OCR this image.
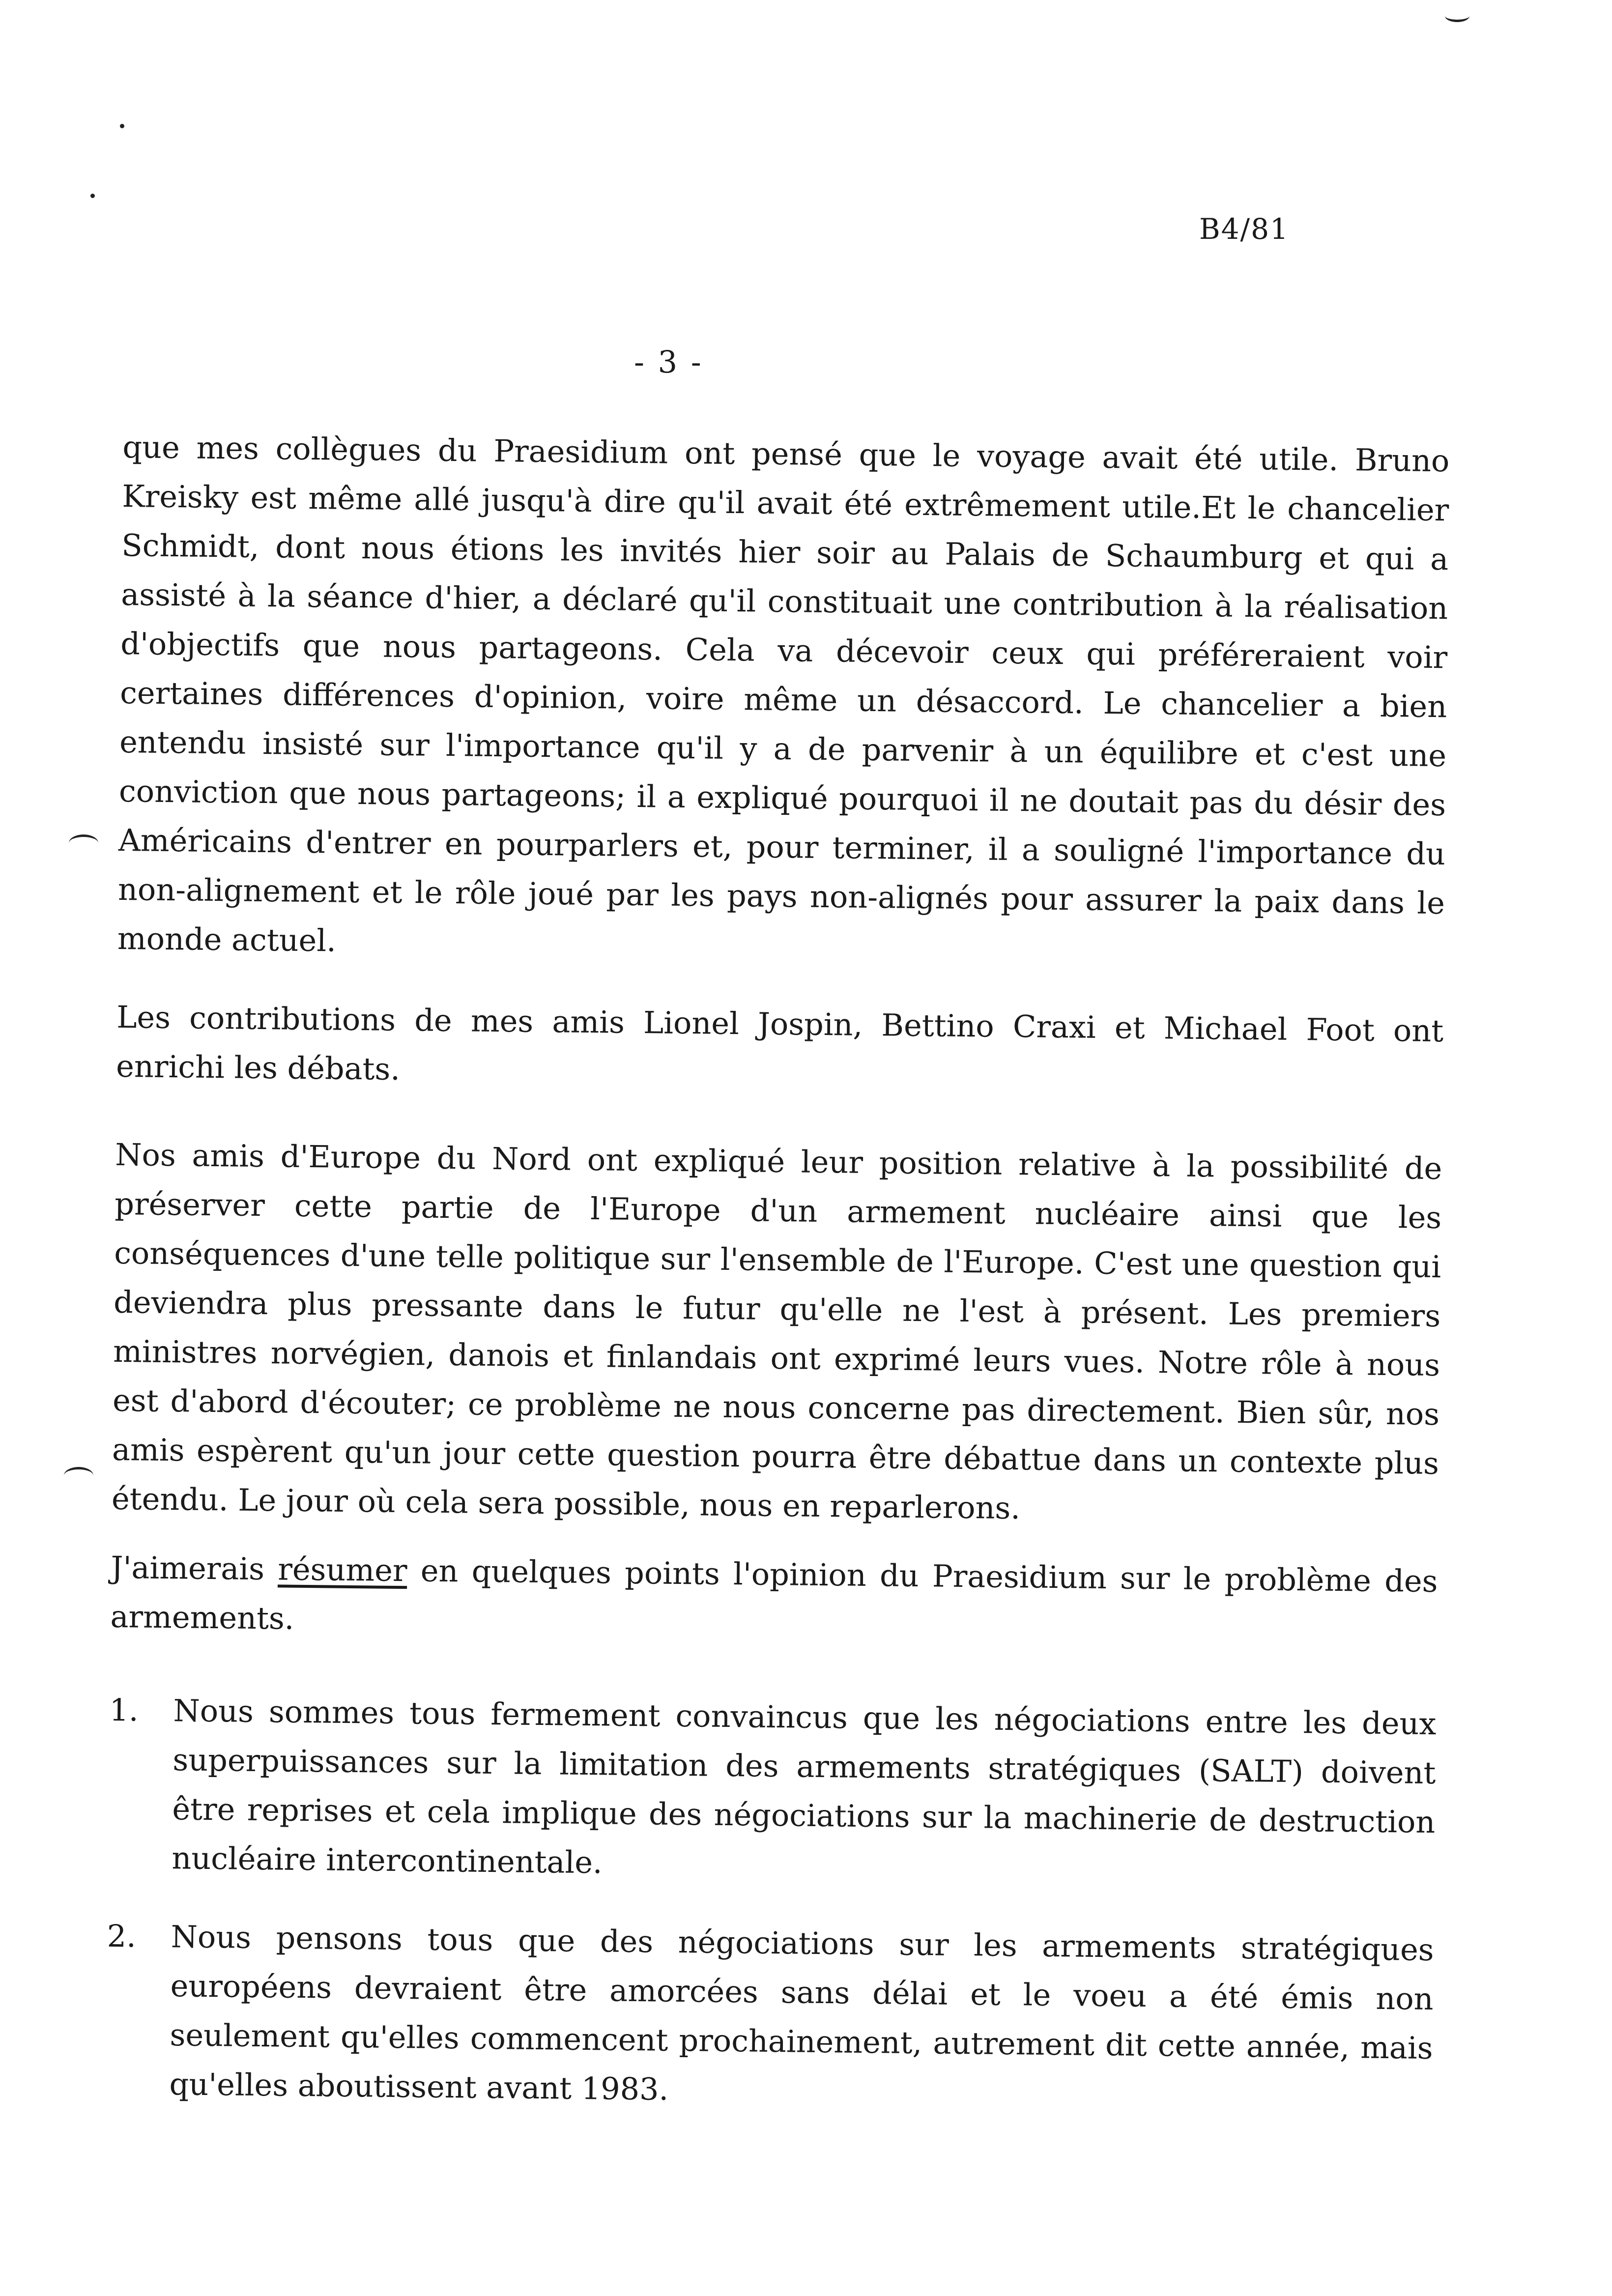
B4/81
- 3 -

que mes collègues du Praesidium ont pensé que le voyage avait été utile. Bruno Kreisky est même allé jusqu'à dire qu'il avait été extrêmement utile.Et le chancelier Schmidt, dont nous étions les invités hier soir au Palais de Schaumburg et qui a assisté à la séance d'hier, a déclaré qu'il constituait une contribution à la réalisation d'objectifs que nous partageons. Cela va décevoir ceux qui préféreraient voir certaines différences d'opinion, voire même un désaccord. Le chancelier a bien entendu insisté sur l'importance qu'il y a de parvenir à un équilibre et c'est une conviction que nous partageons; il a expliqué pourquoi il ne doutait pas du désir des Américains d'entrer en pourparlers et, pour terminer, il a souligné l'importance du non-alignement et le rôle joué par les pays non-alignés pour assurer la paix dans le monde actuel.

Les contributions de mes amis Lionel Jospin, Bettino Craxi et Michael Foot ont enrichi les débats.

Nos amis d'Europe du Nord ont expliqué leur position relative à la possibilité de préserver cette partie de l'Europe d'un armement nucléaire ainsi que les conséquences d'une telle politique sur l'ensemble de l'Europe. C'est une question qui deviendra plus pressante dans le futur qu'elle ne l'est à présent. Les premiers ministres norvégien, danois et finlandais ont exprimé leurs vues. Notre rôle à nous est d'abord d'écouter; ce problème ne nous concerne pas directement. Bien sûr, nos amis espèrent qu'un jour cette question pourra être débattue dans un contexte plus étendu. Le jour où cela sera possible, nous en reparlerons.

J'aimerais résumer en quelques points l'opinion du Praesidium sur le problème des armements.

1.	Nous sommes tous fermement convaincus que les négociations entre les deux superpuissances sur la limitation des armements stratégiques (SALT) doivent être reprises et cela implique des négociations sur la machinerie de destruction nucléaire intercontinentale.
2.	Nous pensons tous que des négociations sur les armements stratégiques européens devraient être amorcées sans délai et le voeu a été émis non seulement qu'elles commencent prochainement, autrement dit cette année, mais qu'elles aboutissent avant 1983.
